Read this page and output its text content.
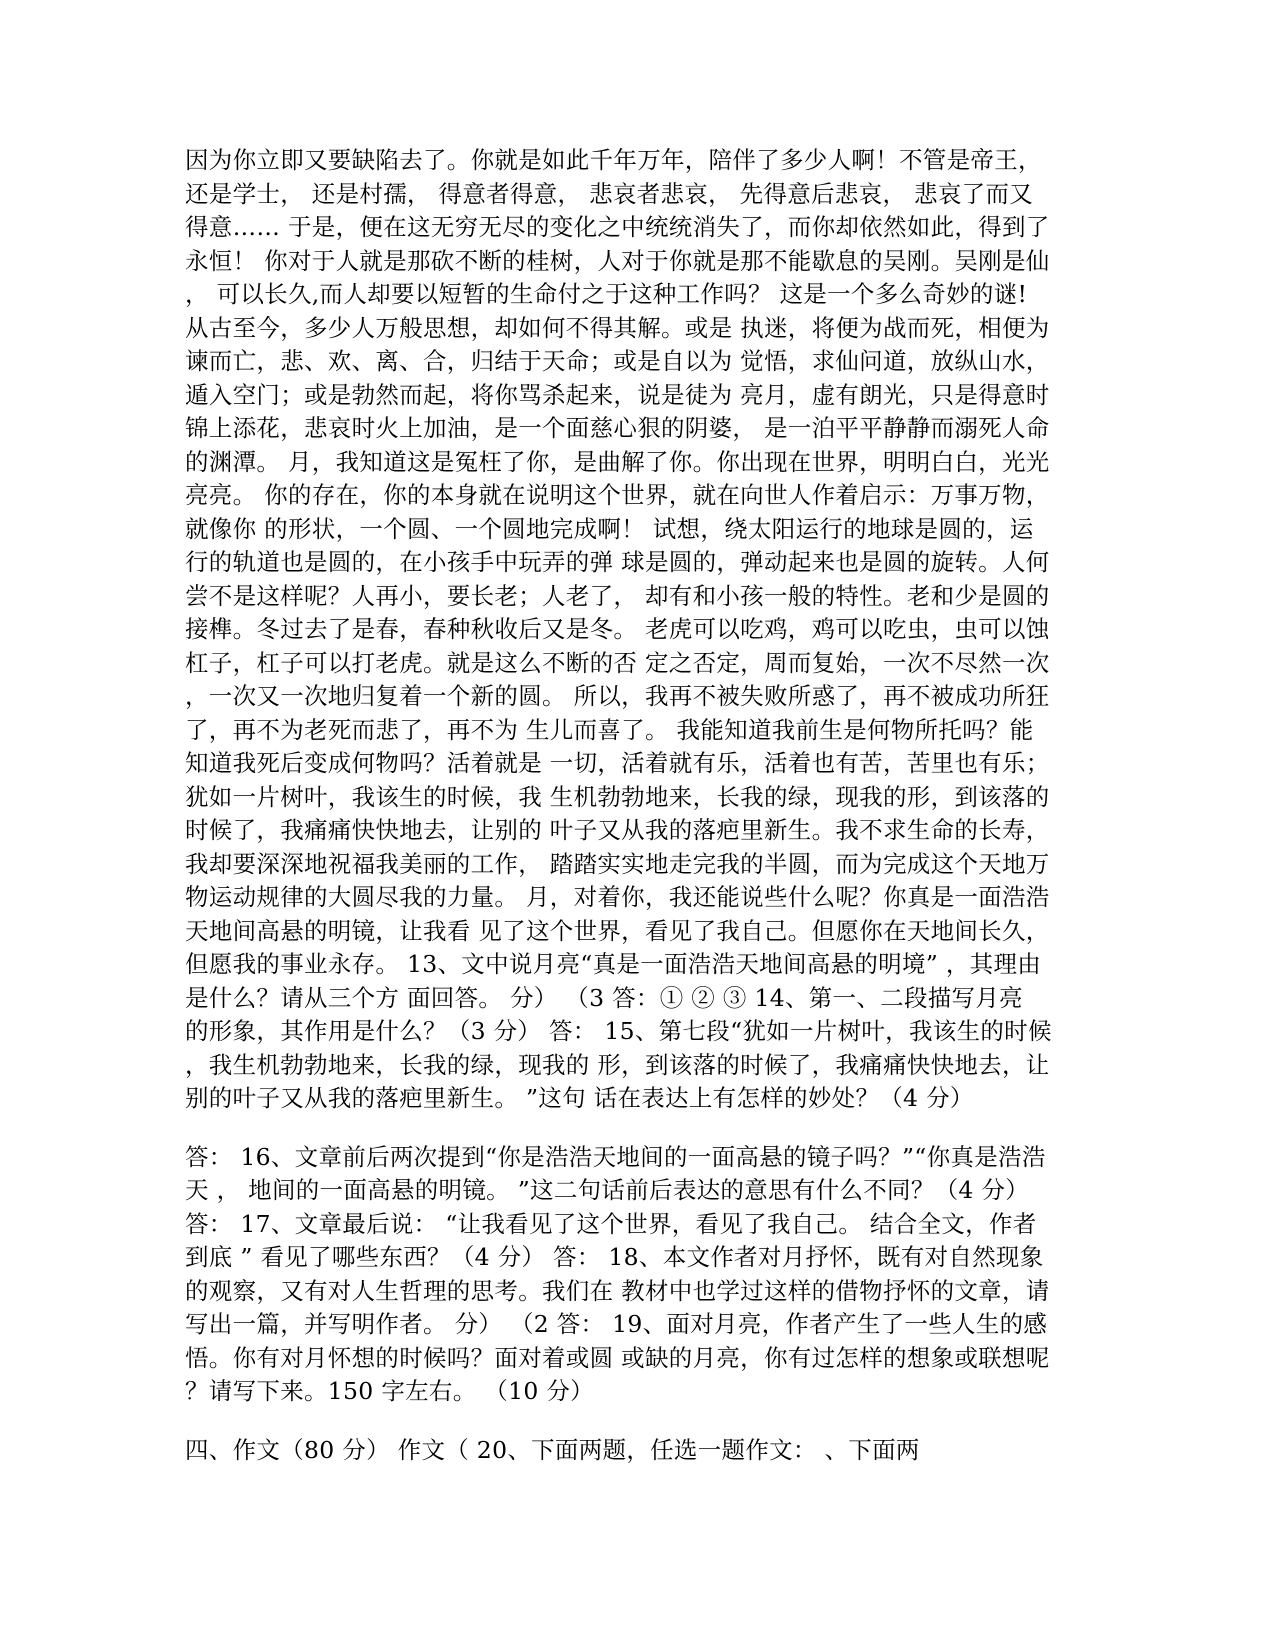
因为你立即又要缺陷去了。你就是如此千年万年，陪伴了多少人啊！不管是帝王，
还是学士， 还是村孺， 得意者得意， 悲哀者悲哀， 先得意后悲哀， 悲哀了而又
得意…… 于是，便在这无穷无尽的变化之中统统消失了，而你却依然如此，得到了
永恒！ 你对于人就是那砍不断的桂树，人对于你就是那不能歇息的吴刚。吴刚是仙
， 可以长久,而人却要以短暂的生命付之于这种工作吗？ 这是一个多么奇妙的谜!
从古至今，多少人万般思想，却如何不得其解。或是 执迷，将便为战而死，相便为
谏而亡，悲、欢、离、合，归结于天命；或是自以为 觉悟，求仙问道，放纵山水，
遁入空门；或是勃然而起，将你骂杀起来，说是徒为 亮月，虚有朗光，只是得意时
锦上添花，悲哀时火上加油，是一个面慈心狠的阴婆， 是一泊平平静静而溺死人命
的渊潭。 月，我知道这是冤枉了你，是曲解了你。你出现在世界，明明白白，光光
亮亮。 你的存在，你的本身就在说明这个世界，就在向世人作着启示：万事万物，
就像你 的形状，一个圆、一个圆地完成啊！ 试想，绕太阳运行的地球是圆的，运
行的轨道也是圆的，在小孩手中玩弄的弹 球是圆的，弹动起来也是圆的旋转。人何
尝不是这样呢？人再小，要长老；人老了， 却有和小孩一般的特性。老和少是圆的
接榫。冬过去了是春，春种秋收后又是冬。 老虎可以吃鸡，鸡可以吃虫，虫可以蚀
杠子，杠子可以打老虎。就是这么不断的否 定之否定，周而复始，一次不尽然一次
，一次又一次地归复着一个新的圆。 所以，我再不被失败所惑了，再不被成功所狂
了，再不为老死而悲了，再不为 生儿而喜了。 我能知道我前生是何物所托吗？能
知道我死后变成何物吗？活着就是 一切，活着就有乐，活着也有苦，苦里也有乐；
犹如一片树叶，我该生的时候，我 生机勃勃地来，长我的绿，现我的形，到该落的
时候了，我痛痛快快地去，让别的 叶子又从我的落疤里新生。我不求生命的长寿，
我却要深深地祝福我美丽的工作， 踏踏实实地走完我的半圆，而为完成这个天地万
物运动规律的大圆尽我的力量。 月，对着你，我还能说些什么呢？你真是一面浩浩
天地间高悬的明镜，让我看 见了这个世界，看见了我自己。但愿你在天地间长久，
但愿我的事业永存。 13、文中说月亮“真是一面浩浩天地间高悬的明境” ，其理由
是什么？请从三个方 面回答。 分） （3 答：① ② ③ 14、第一、二段描写月亮
的形象，其作用是什么？（3 分） 答： 15、第七段“犹如一片树叶，我该生的时候
，我生机勃勃地来，长我的绿，现我的 形，到该落的时候了，我痛痛快快地去，让
别的叶子又从我的落疤里新生。 ”这句 话在表达上有怎样的妙处？（4 分）
答： 16、文章前后两次提到“你是浩浩天地间的一面高悬的镜子吗？”“你真是浩浩
天 ， 地间的一面高悬的明镜。 ”这二句话前后表达的意思有什么不同？（4 分）
答： 17、文章最后说： “让我看见了这个世界，看见了我自己。 结合全文，作者
到底 ” 看见了哪些东西？（4 分） 答： 18、本文作者对月抒怀，既有对自然现象
的观察，又有对人生哲理的思考。我们在 教材中也学过这样的借物抒怀的文章，请
写出一篇，并写明作者。 分） （2 答： 19、面对月亮，作者产生了一些人生的感
悟。你有对月怀想的时候吗？面对着或圆 或缺的月亮，你有过怎样的想象或联想呢
？请写下来。150 字左右。 （10 分）
四、作文（80 分） 作文（ 20、下面两题，任选一题作文： 、下面两
